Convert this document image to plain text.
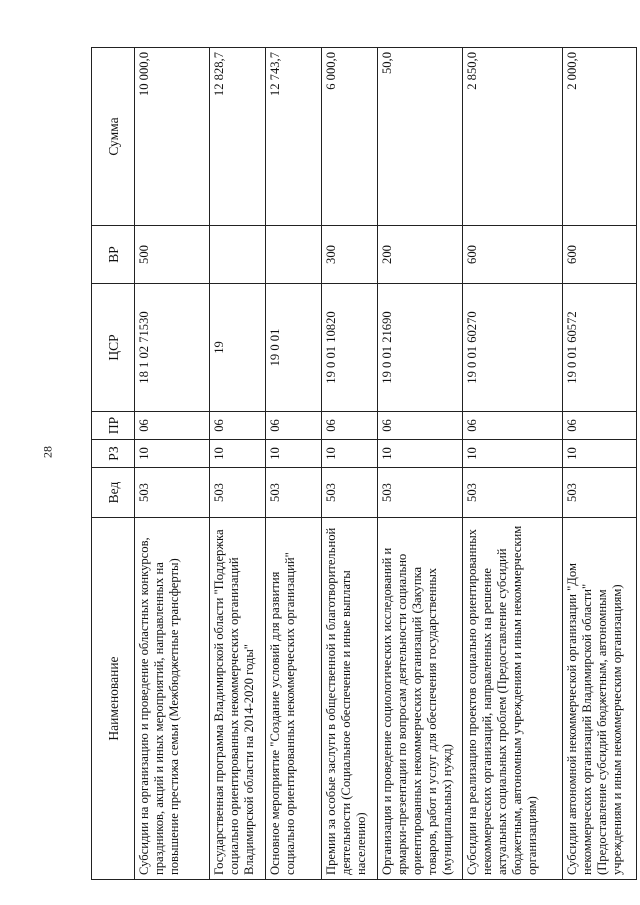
28
Наименование	Вед	РЗ	ПР	ЦСР	ВР	Сумма
Субсидии на организацию и проведение областных конкурсов, праздников, акций и иных мероприятий, направленных на повышение престижа семьи (Межбюджетные трансферты)	503	10	06	18 1 02 71530	500	10 000,0
Государственная программа Владимирской области "Поддержка социально ориентированных некоммерческих организаций Владимирской области на 2014-2020 годы"	503	10	06	19		12 828,7
Основное мероприятие "Создание условий для развития социально ориентированных некоммерческих организаций"	503	10	06	19 0 01		12 743,7
Премии за особые заслуги в общественной и благотворительной деятельности (Социальное обеспечение и иные выплаты населению)	503	10	06	19 0 01 10820	300	6 000,0
Организация и проведение социологических исследований и ярмарки-презентации по вопросам деятельности социально ориентированных некоммерческих организаций (Закупка товаров, работ и услуг для обеспечения государственных (муниципальных) нужд)	503	10	06	19 0 01 21690	200	50,0
Субсидии на реализацию проектов социально ориентированных некоммерческих организаций, направленных на решение актуальных социальных проблем (Предоставление субсидий бюджетным, автономным учреждениям и иным некоммерческим организациям)	503	10	06	19 0 01 60270	600	2 850,0
Субсидии автономной некоммерческой организации "Дом некоммерческих организаций Владимирской области" (Предоставление субсидий бюджетным, автономным учреждениям и иным некоммерческим организациям)	503	10	06	19 0 01 60572	600	2 000,0
